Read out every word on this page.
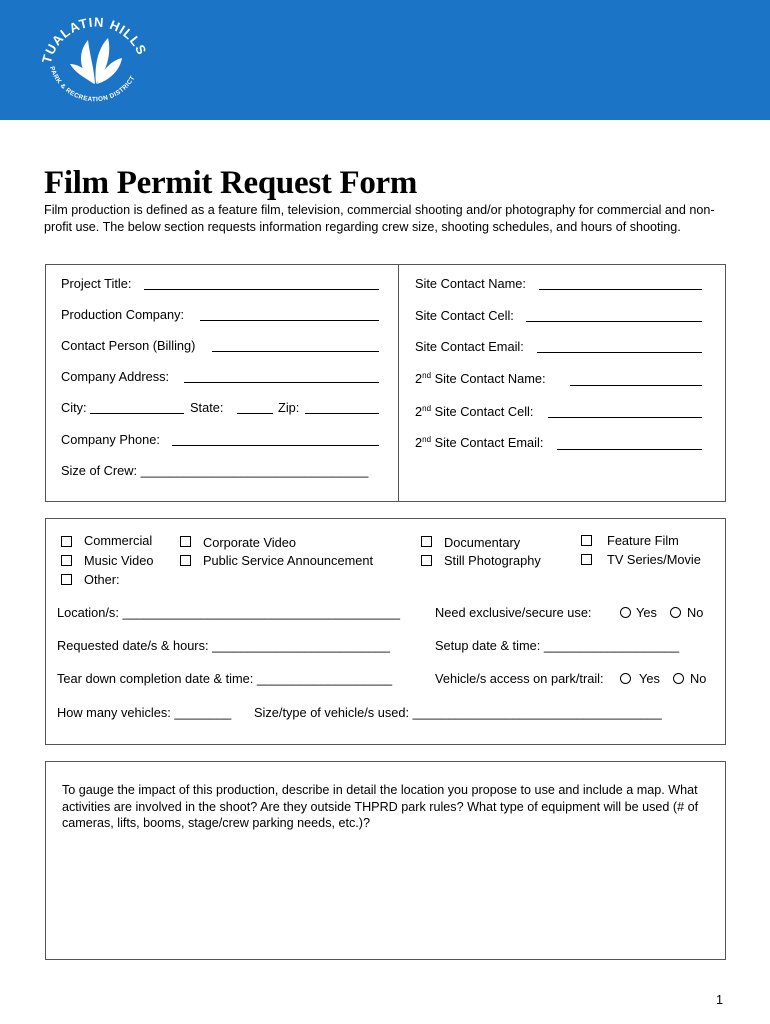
TUALATIN HILLS
PARK & RECREATION DISTRICT
Film Permit Request Form
Film production is defined as a feature film, television, commercial shooting and/or photography for commercial and non-profit use. The below section requests information regarding crew size, shooting schedules, and hours of shooting.
Project Title:
Production Company:
Contact Person (Billing)
Company Address:
City:	State:	Zip:
Company Phone:
Size of Crew: ________________________________
Site Contact Name:
Site Contact Cell:
Site Contact Email:
2nd Site Contact Name:
2nd Site Contact Cell:
2nd Site Contact Email:
Commercial
Music Video
Other:
Corporate Video
Public Service Announcement
Documentary
Still Photography
Feature Film
TV Series/Movie
Location/s: _______________________________________	Need exclusive/secure use:	Yes No
Requested date/s & hours: _________________________	Setup date & time: ___________________
Tear down completion date & time: ___________________	Vehicle/s access on park/trail:	Yes No
How many vehicles: ________ Size/type of vehicle/s used: ___________________________________
To gauge the impact of this production, describe in detail the location you propose to use and include a map. What activities are involved in the shoot? Are they outside THPRD park rules? What type of equipment will be used (# of cameras, lifts, booms, stage/crew parking needs, etc.)?
1
